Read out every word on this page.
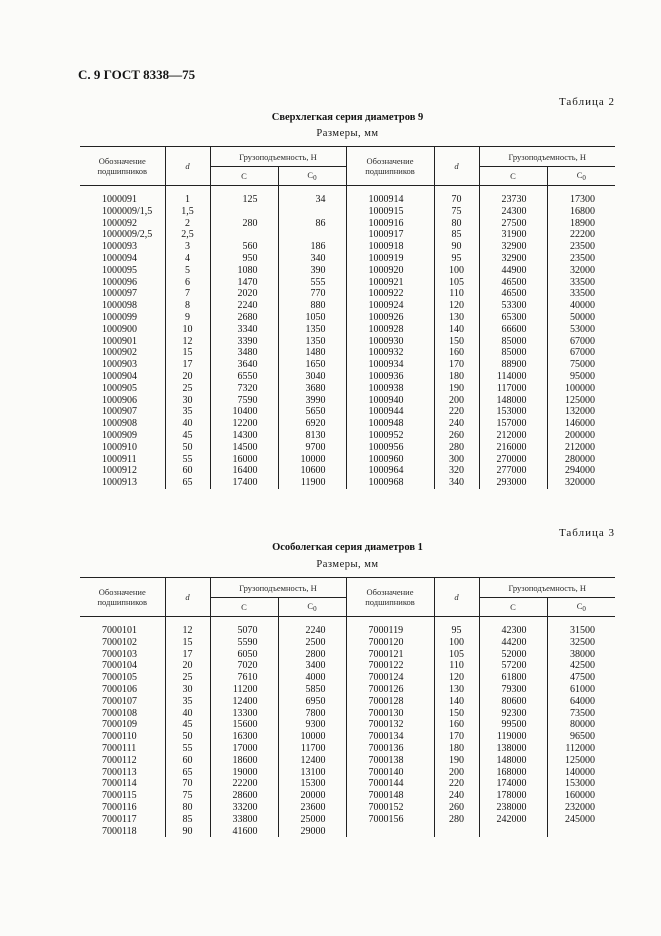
С. 9 ГОСТ 8338—75
Таблица 2
Сверхлегкая серия диаметров 9
Размеры, мм
Обозначение подшипников	d	Грузоподъемность, Н		Обозначение подшипников	d	Грузоподъемность, Н	
		C	$C_0$			C	$C_0$

1000091	1	125	34	1000914	70	23730	17300
1000009/1,5	1,5			1000915	75	24300	16800
1000092	2	280	86	1000916	80	27500	18900
1000009/2,5	2,5			1000917	85	31900	22200
1000093	3	560	186	1000918	90	32900	23500
1000094	4	950	340	1000919	95	32900	23500
1000095	5	1080	390	1000920	100	44900	32000
1000096	6	1470	555	1000921	105	46500	33500
1000097	7	2020	770	1000922	110	46500	33500
1000098	8	2240	880	1000924	120	53300	40000
1000099	9	2680	1050	1000926	130	65300	50000
1000900	10	3340	1350	1000928	140	66600	53000
1000901	12	3390	1350	1000930	150	85000	67000
1000902	15	3480	1480	1000932	160	85000	67000
1000903	17	3640	1650	1000934	170	88900	75000
1000904	20	6550	3040	1000936	180	114000	95000
1000905	25	7320	3680	1000938	190	117000	100000
1000906	30	7590	3990	1000940	200	148000	125000
1000907	35	10400	5650	1000944	220	153000	132000
1000908	40	12200	6920	1000948	240	157000	146000
1000909	45	14300	8130	1000952	260	212000	200000
1000910	50	14500	9700	1000956	280	216000	212000
1000911	55	16000	10000	1000960	300	270000	280000
1000912	60	16400	10600	1000964	320	277000	294000
1000913	65	17400	11900	1000968	340	293000	320000
Таблица 3
Особолегкая серия диаметров 1
Размеры, мм
Обозначение подшипников	d	Грузоподъемность, Н		Обозначение подшипников	d	Грузоподъемность, Н	
		C	$C_0$			C	$C_0$

7000101	12	5070	2240	7000119	95	42300	31500
7000102	15	5590	2500	7000120	100	44200	32500
7000103	17	6050	2800	7000121	105	52000	38000
7000104	20	7020	3400	7000122	110	57200	42500
7000105	25	7610	4000	7000124	120	61800	47500
7000106	30	11200	5850	7000126	130	79300	61000
7000107	35	12400	6950	7000128	140	80600	64000
7000108	40	13300	7800	7000130	150	92300	73500
7000109	45	15600	9300	7000132	160	99500	80000
7000110	50	16300	10000	7000134	170	119000	96500
7000111	55	17000	11700	7000136	180	138000	112000
7000112	60	18600	12400	7000138	190	148000	125000
7000113	65	19000	13100	7000140	200	168000	140000
7000114	70	22200	15300	7000144	220	174000	153000
7000115	75	28600	20000	7000148	240	178000	160000
7000116	80	33200	23600	7000152	260	238000	232000
7000117	85	33800	25000	7000156	280	242000	245000
7000118	90	41600	29000				
